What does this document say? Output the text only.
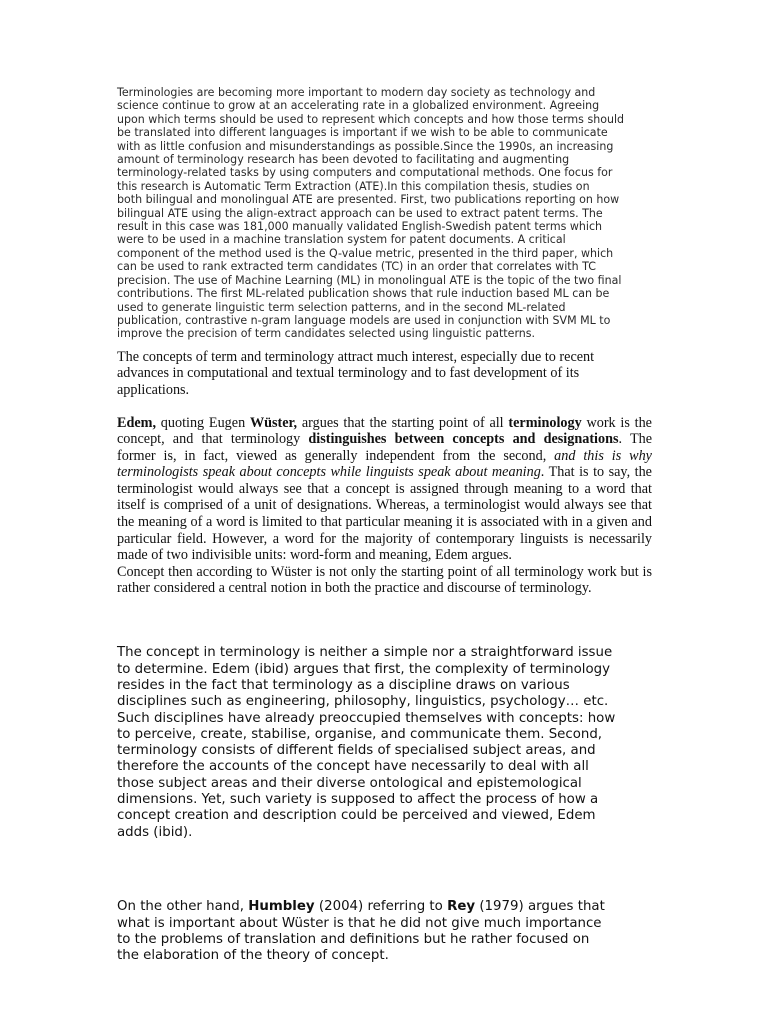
Terminologies are becoming more important to modern day society as technology and
science continue to grow at an accelerating rate in a globalized environment. Agreeing
upon which terms should be used to represent which concepts and how those terms should
be translated into different languages is important if we wish to be able to communicate
with as little confusion and misunderstandings as possible.Since the 1990s, an increasing
amount of terminology research has been devoted to facilitating and augmenting
terminology-related tasks by using computers and computational methods. One focus for
this research is Automatic Term Extraction (ATE).In this compilation thesis, studies on
both bilingual and monolingual ATE are presented. First, two publications reporting on how
bilingual ATE using the align-extract approach can be used to extract patent terms. The
result in this case was 181,000 manually validated English-Swedish patent terms which
were to be used in a machine translation system for patent documents. A critical
component of the method used is the Q-value metric, presented in the third paper, which
can be used to rank extracted term candidates (TC) in an order that correlates with TC
precision. The use of Machine Learning (ML) in monolingual ATE is the topic of the two final
contributions. The first ML-related publication shows that rule induction based ML can be
used to generate linguistic term selection patterns, and in the second ML-related
publication, contrastive n-gram language models are used in conjunction with SVM ML to
improve the precision of term candidates selected using linguistic patterns.

The concepts of term and terminology attract much interest, especially due to recent
advances in computational and textual terminology and to fast development of its
applications.

Edem, quoting Eugen Wüster, argues that the starting point of all terminology work is the concept, and that terminology distinguishes between concepts and designations. The former is, in fact, viewed as generally independent from the second, and this is why terminologists speak about concepts while linguists speak about meaning. That is to say, the terminologist would always see that a concept is assigned through meaning to a word that itself is comprised of a unit of designations. Whereas, a terminologist would always see that the meaning of a word is limited to that particular meaning it is associated with in a given and particular field. However, a word for the majority of contemporary linguists is necessarily made of two indivisible units: word-form and meaning, Edem argues.

Concept then according to Wüster is not only the starting point of all terminology work but is rather considered a central notion in both the practice and discourse of terminology.

The concept in terminology is neither a simple nor a straightforward issue
to determine. Edem (ibid) argues that first, the complexity of terminology
resides in the fact that terminology as a discipline draws on various
disciplines such as engineering, philosophy, linguistics, psychology… etc.
Such disciplines have already preoccupied themselves with concepts: how
to perceive, create, stabilise, organise, and communicate them. Second,
terminology consists of different fields of specialised subject areas, and
therefore the accounts of the concept have necessarily to deal with all
those subject areas and their diverse ontological and epistemological
dimensions. Yet, such variety is supposed to affect the process of how a
concept creation and description could be perceived and viewed, Edem
adds (ibid).

On the other hand, Humbley (2004) referring to Rey (1979) argues that
what is important about Wüster is that he did not give much importance
to the problems of translation and definitions but he rather focused on
the elaboration of the theory of concept.
